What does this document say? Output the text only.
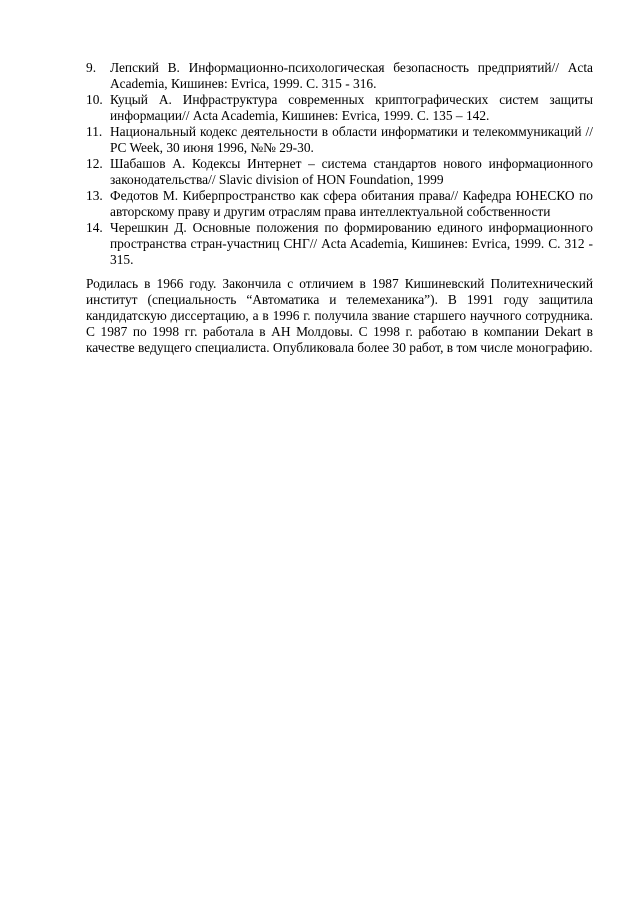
9.	Лепский В. Информационно-психологическая безопасность предприятий// Acta Academia, Кишинев: Evrica, 1999. С. 315 - 316.
10. Куцый А. Инфраструктура современных криптографических систем защиты информации// Acta Academia, Кишинев: Evrica, 1999. С. 135 – 142.
11. Национальный кодекс деятельности в области информатики и телекоммуникаций // PC Week, 30 июня 1996, №№ 29-30.
12. Шабашов А. Кодексы Интернет – система стандартов нового информационного законодательства// Slavic division of HON Foundation, 1999
13. Федотов М. Киберпространство как сфера обитания права// Кафедра ЮНЕСКО по авторскому праву и другим отраслям права интеллектуальной собственности
14. Черешкин Д. Основные положения по формированию единого информационного пространства стран-участниц СНГ// Acta Academia, Кишинев: Evrica, 1999. С. 312 - 315.

Родилась в 1966 году. Закончила с отличием в 1987 Кишиневский Политехнический институт (специальность “Автоматика и телемеханика”). В 1991 году защитила кандидатскую диссертацию, а в 1996 г. получила звание старшего научного сотрудника. С 1987 по 1998 гг. работала в АН Молдовы. С 1998 г. работаю в компании Dekart в качестве ведущего специалиста. Опубликовала более 30 работ, в том числе монографию.
